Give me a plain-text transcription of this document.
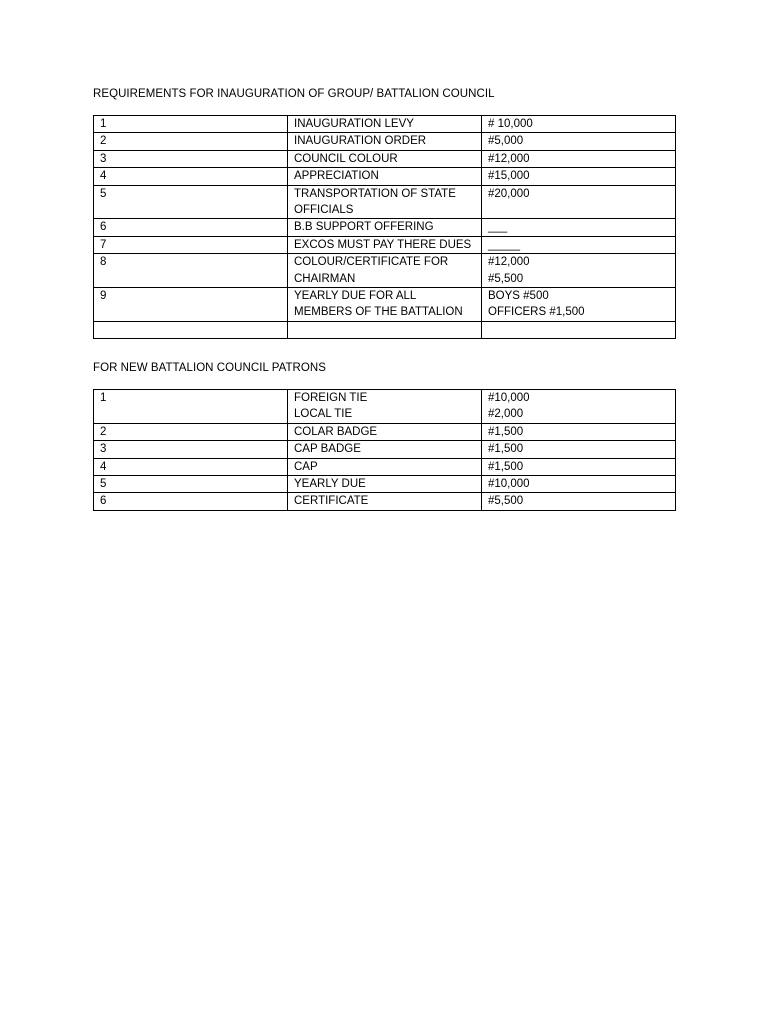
REQUIREMENTS FOR INAUGURATION OF GROUP/ BATTALION COUNCIL
1	INAUGURATION LEVY	# 10,000
2	INAUGURATION ORDER	#5,000
3	COUNCIL COLOUR	#12,000
4	APPRECIATION	#15,000
5	TRANSPORTATION OF STATE
OFFICIALS	#20,000
6	B.B SUPPORT OFFERING	___
7	EXCOS MUST PAY THERE DUES	_____
8	COLOUR/CERTIFICATE FOR
CHAIRMAN	#12,000
#5,500
9	YEARLY DUE FOR ALL
MEMBERS OF THE BATTALION	BOYS #500
OFFICERS #1,500

FOR NEW BATTALION COUNCIL PATRONS
1	FOREIGN TIE
LOCAL TIE	#10,000
#2,000
2	COLAR BADGE	#1,500
3	CAP BADGE	#1,500
4	CAP	#1,500
5	YEARLY DUE	#10,000
6	CERTIFICATE	#5,500
